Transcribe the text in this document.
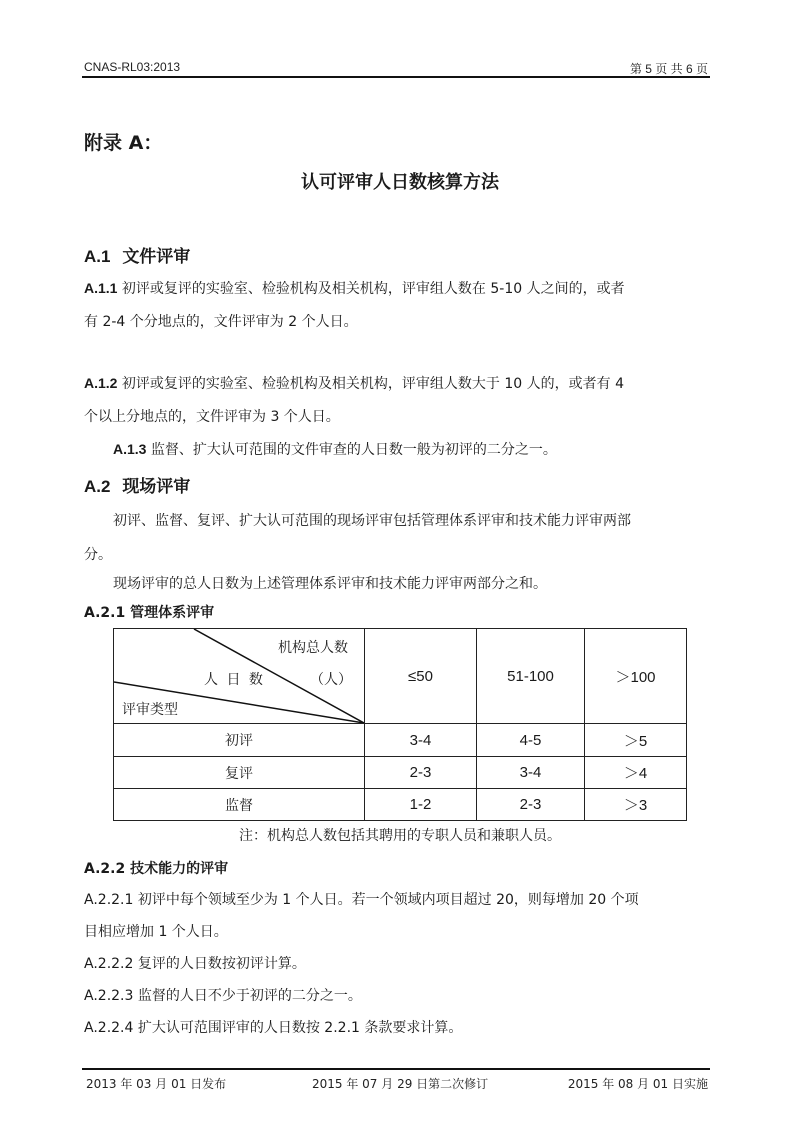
CNAS-RL03:2013	第 5 页 共 6 页
附录 A：
认可评审人日数核算方法
A.1 文件评审
A.1.1 初评或复评的实验室、检验机构及相关机构，评审组人数在 5-10 人之间的，或者
有 2-4 个分地点的，文件评审为 2 个人日。
A.1.2 初评或复评的实验室、检验机构及相关机构，评审组人数大于 10 人的，或者有 4
个以上分地点的，文件评审为 3 个人日。
A.1.3 监督、扩大认可范围的文件审查的人日数一般为初评的二分之一。
A.2 现场评审
初评、监督、复评、扩大认可范围的现场评审包括管理体系评审和技术能力评审两部
分。
现场评审的总人日数为上述管理体系评审和技术能力评审两部分之和。
A.2.1 管理体系评审
机构总人数
人 日 数 （人）
评审类型	≤50	51-100	＞100
初评	3-4	4-5	＞5
复评	2-3	3-4	＞4
监督	1-2	2-3	＞3
注：机构总人数包括其聘用的专职人员和兼职人员。
A.2.2 技术能力的评审
A.2.2.1 初评中每个领域至少为 1 个人日。若一个领域内项目超过 20，则每增加 20 个项
目相应增加 1 个人日。
A.2.2.2 复评的人日数按初评计算。
A.2.2.3 监督的人日不少于初评的二分之一。
A.2.2.4 扩大认可范围评审的人日数按 2.2.1 条款要求计算。
2013 年 03 月 01 日发布	2015 年 07 月 29 日第二次修订	2015 年 08 月 01 日实施
